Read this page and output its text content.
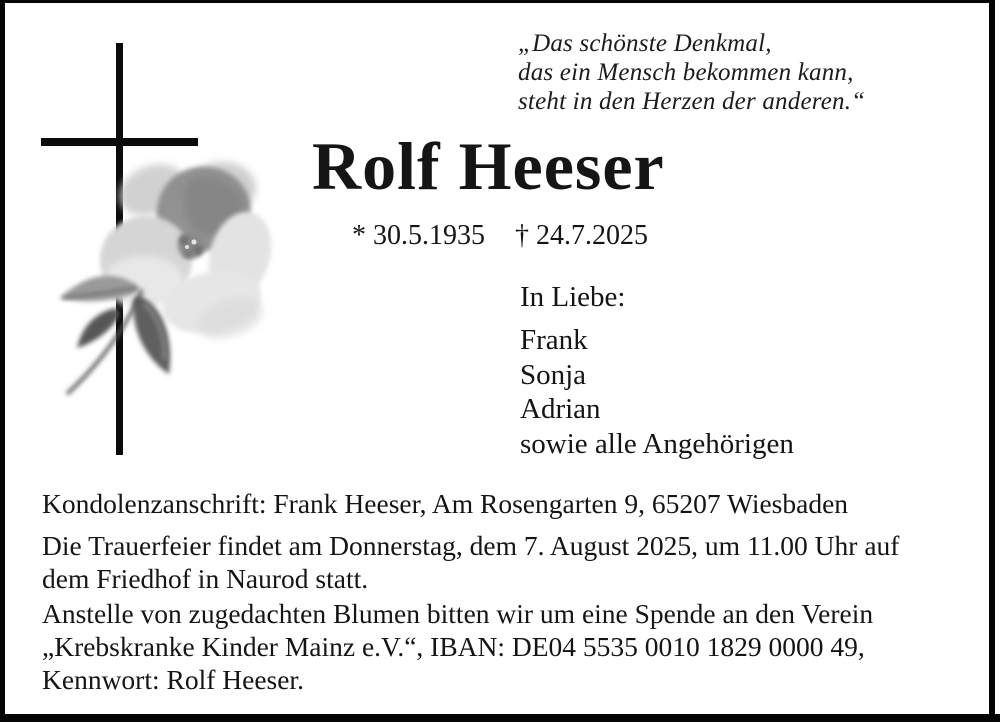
„Das schönste Denkmal,
das ein Mensch bekommen kann,
steht in den Herzen der anderen.“
Rolf Heeser
* 30.5.1935 † 24.7.2025
In Liebe:
Frank
Sonja
Adrian
sowie alle Angehörigen
Kondolenzanschrift: Frank Heeser, Am Rosengarten 9, 65207 Wiesbaden
Die Trauerfeier findet am Donnerstag, dem 7. August 2025, um 11.00 Uhr auf
dem Friedhof in Naurod statt.
Anstelle von zugedachten Blumen bitten wir um eine Spende an den Verein
„Krebskranke Kinder Mainz e.V.“, IBAN: DE04 5535 0010 1829 0000 49,
Kennwort: Rolf Heeser.
